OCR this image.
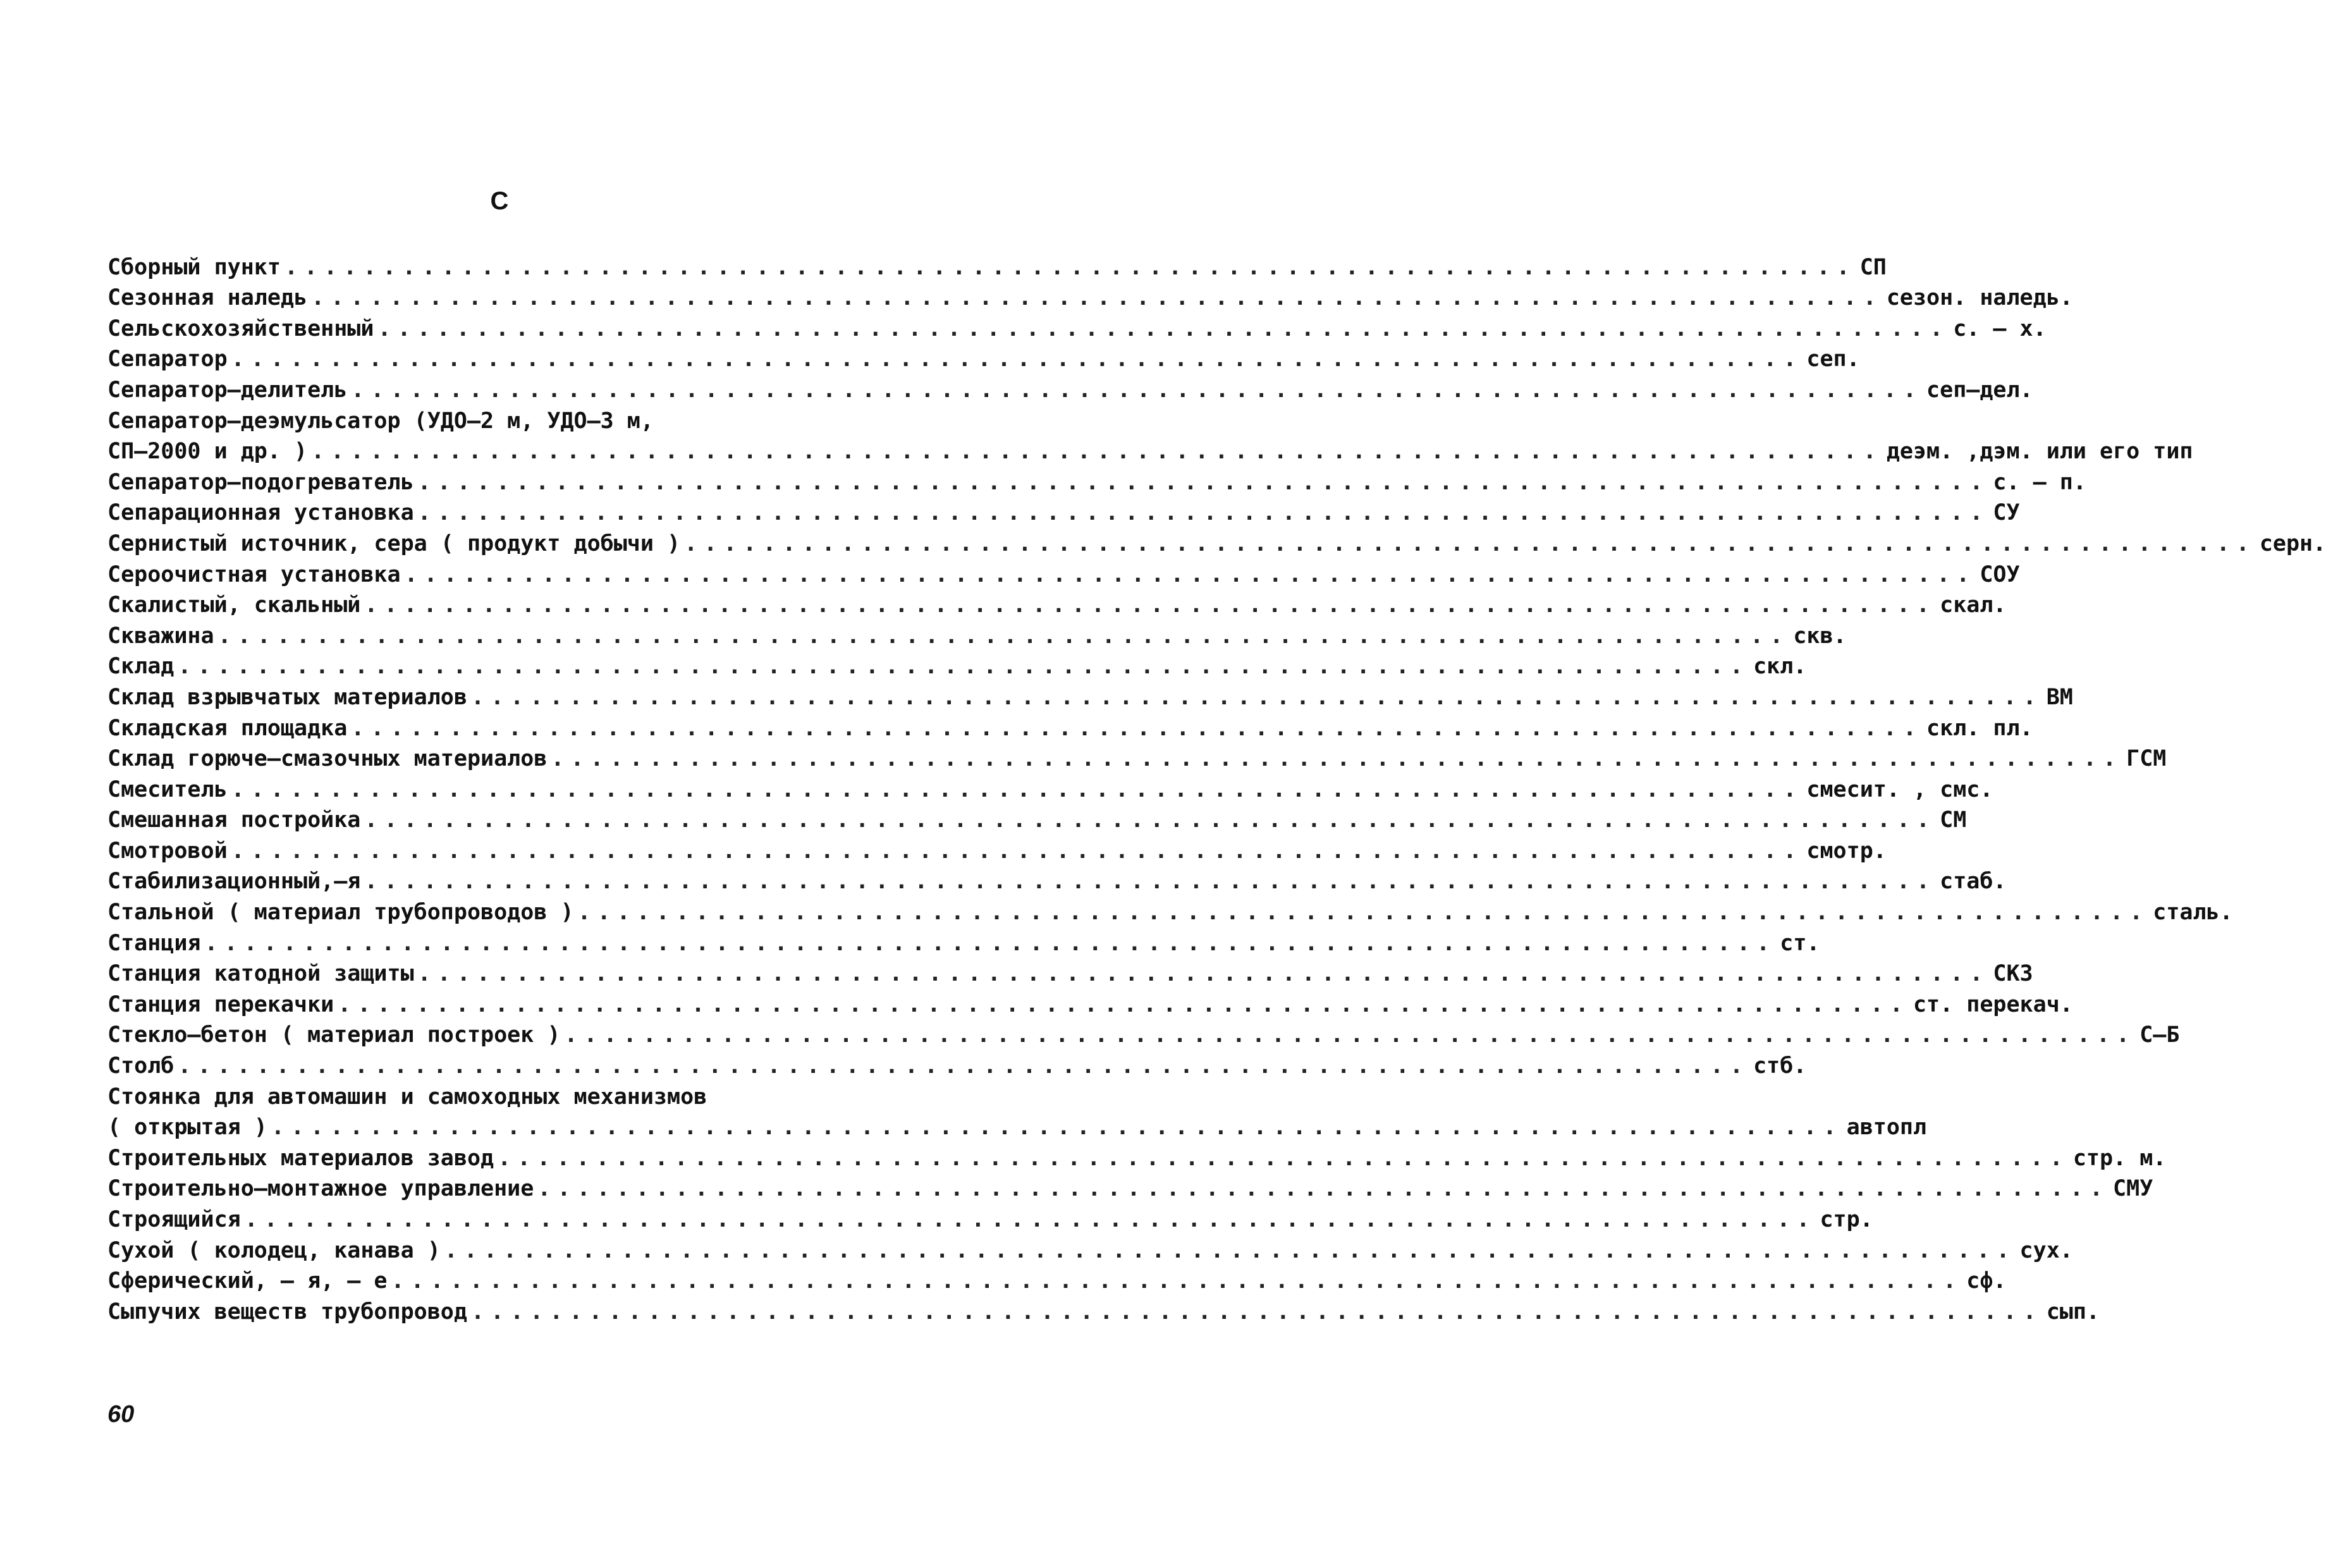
С
Сборный пункт ................................................................................ СП
Сезонная наледь ................................................................................ сезон. наледь.
Сельскохозяйственный ................................................................................ с. – х.
Сепаратор ................................................................................ сеп.
Сепаратор–делитель ................................................................................ сеп–дел.
Сепаратор–деэмульсатор (УДО–2 м, УДО–3 м,
СП–2000 и др. ) ................................................................................ деэм. ,дэм. или его тип
Сепаратор–подогреватель ................................................................................ с. – п.
Сепарационная установка ................................................................................ СУ
Сернистый источник, сера ( продукт добычи ) ................................................................................ серн.
Сероочистная установка ................................................................................ СОУ
Скалистый, скальный ................................................................................ скал.
Скважина ................................................................................ скв.
Склад ................................................................................ скл.
Склад взрывчатых материалов ................................................................................ ВМ
Складская площадка ................................................................................ скл. пл.
Склад горюче–смазочных материалов ................................................................................ ГСМ
Смеситель ................................................................................ смесит. , смс.
Смешанная постройка ................................................................................ СМ
Смотровой ................................................................................ смотр.
Стабилизационный,–я ................................................................................ стаб.
Стальной ( материал трубопроводов ) ................................................................................ сталь.
Станция ................................................................................ ст.
Станция катодной защиты ................................................................................ СКЗ
Станция перекачки ................................................................................ ст. перекач.
Стекло–бетон ( материал построек ) ................................................................................ С–Б
Столб ................................................................................ стб.
Стоянка для автомашин и самоходных механизмов
( открытая ) ................................................................................ автопл
Строительных материалов завод ................................................................................ стр. м.
Строительно–монтажное управление ................................................................................ СМУ
Строящийся ................................................................................ стр.
Сухой ( колодец, канава ) ................................................................................ сух.
Сферический, – я, – е ................................................................................ сф.
Сыпучих веществ трубопровод ................................................................................ сып.
60
